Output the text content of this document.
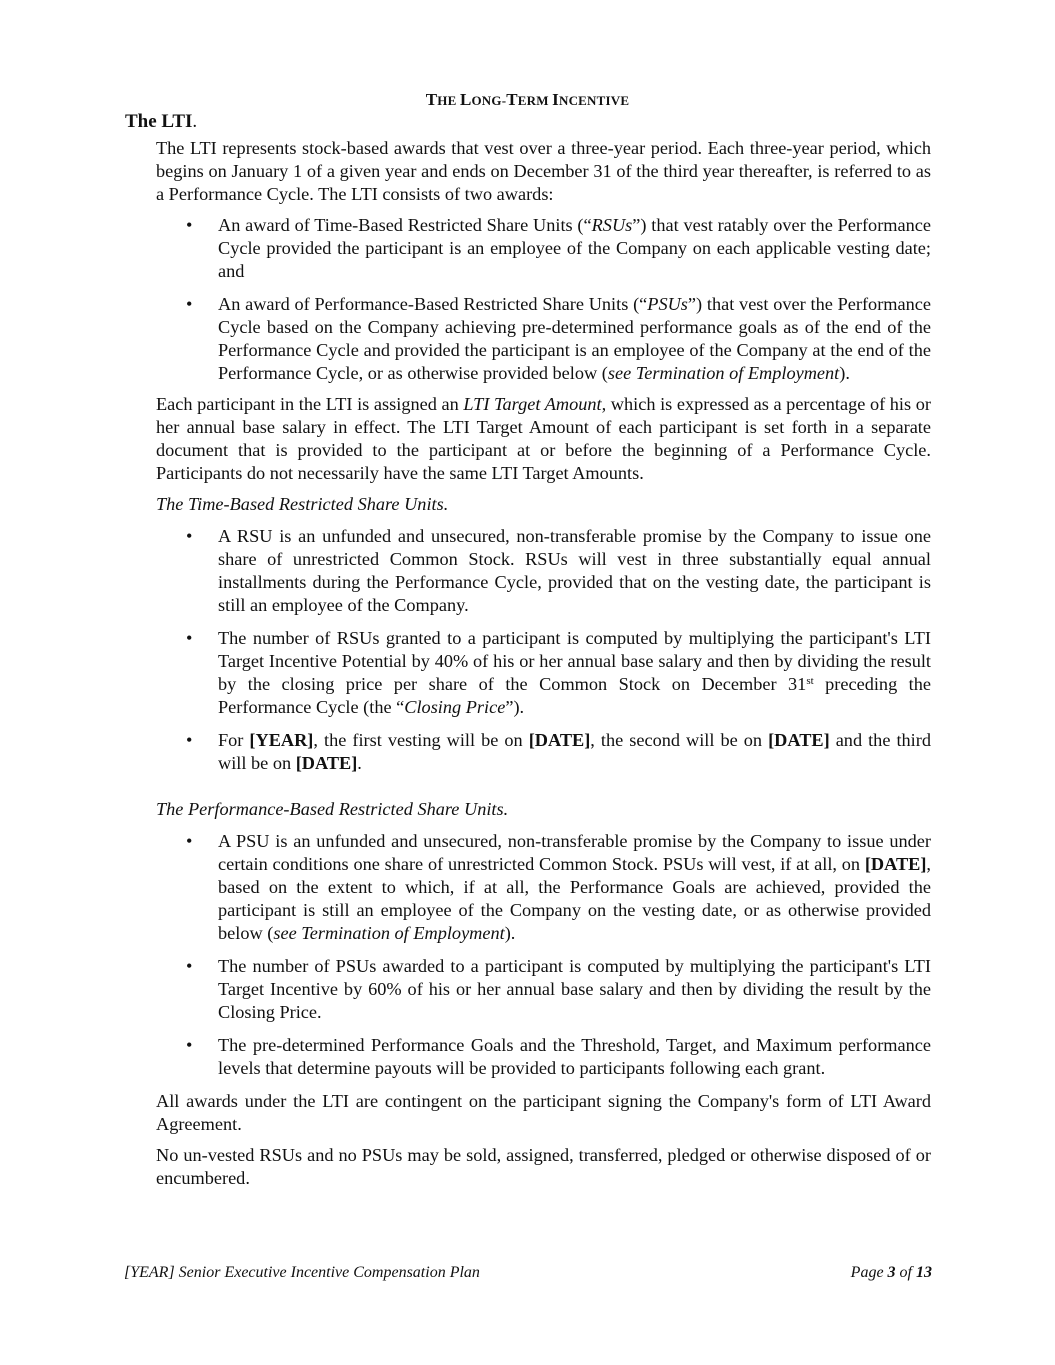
THE LONG-TERM INCENTIVE
The LTI.

The LTI represents stock-based awards that vest over a three-year period. Each three-year period, which begins on January 1 of a given year and ends on December 31 of the third year thereafter, is referred to as a Performance Cycle. The LTI consists of two awards:

• An award of Time-Based Restricted Share Units (“RSUs”) that vest ratably over the Performance Cycle provided the participant is an employee of the Company on each applicable vesting date; and
• An award of Performance-Based Restricted Share Units (“PSUs”) that vest over the Performance Cycle based on the Company achieving pre-determined performance goals as of the end of the Performance Cycle and provided the participant is an employee of the Company at the end of the Performance Cycle, or as otherwise provided below (see Termination of Employment).

Each participant in the LTI is assigned an LTI Target Amount, which is expressed as a percentage of his or her annual base salary in effect. The LTI Target Amount of each participant is set forth in a separate document that is provided to the participant at or before the beginning of a Performance Cycle. Participants do not necessarily have the same LTI Target Amounts.

The Time-Based Restricted Share Units.

• A RSU is an unfunded and unsecured, non-transferable promise by the Company to issue one share of unrestricted Common Stock. RSUs will vest in three substantially equal annual installments during the Performance Cycle, provided that on the vesting date, the participant is still an employee of the Company.
• The number of RSUs granted to a participant is computed by multiplying the participant's LTI Target Incentive Potential by 40% of his or her annual base salary and then by dividing the result by the closing price per share of the Common Stock on December 31st preceding the Performance Cycle (the “Closing Price”).
• For [YEAR], the first vesting will be on [DATE], the second will be on [DATE] and the third will be on [DATE].

The Performance-Based Restricted Share Units.

• A PSU is an unfunded and unsecured, non-transferable promise by the Company to issue under certain conditions one share of unrestricted Common Stock. PSUs will vest, if at all, on [DATE], based on the extent to which, if at all, the Performance Goals are achieved, provided the participant is still an employee of the Company on the vesting date, or as otherwise provided below (see Termination of Employment).
• The number of PSUs awarded to a participant is computed by multiplying the participant's LTI Target Incentive by 60% of his or her annual base salary and then by dividing the result by the Closing Price.
• The pre-determined Performance Goals and the Threshold, Target, and Maximum performance levels that determine payouts will be provided to participants following each grant.

All awards under the LTI are contingent on the participant signing the Company's form of LTI Award Agreement.

No un-vested RSUs and no PSUs may be sold, assigned, transferred, pledged or otherwise disposed of or encumbered.

[YEAR] Senior Executive Incentive Compensation Plan	Page 3 of 13
